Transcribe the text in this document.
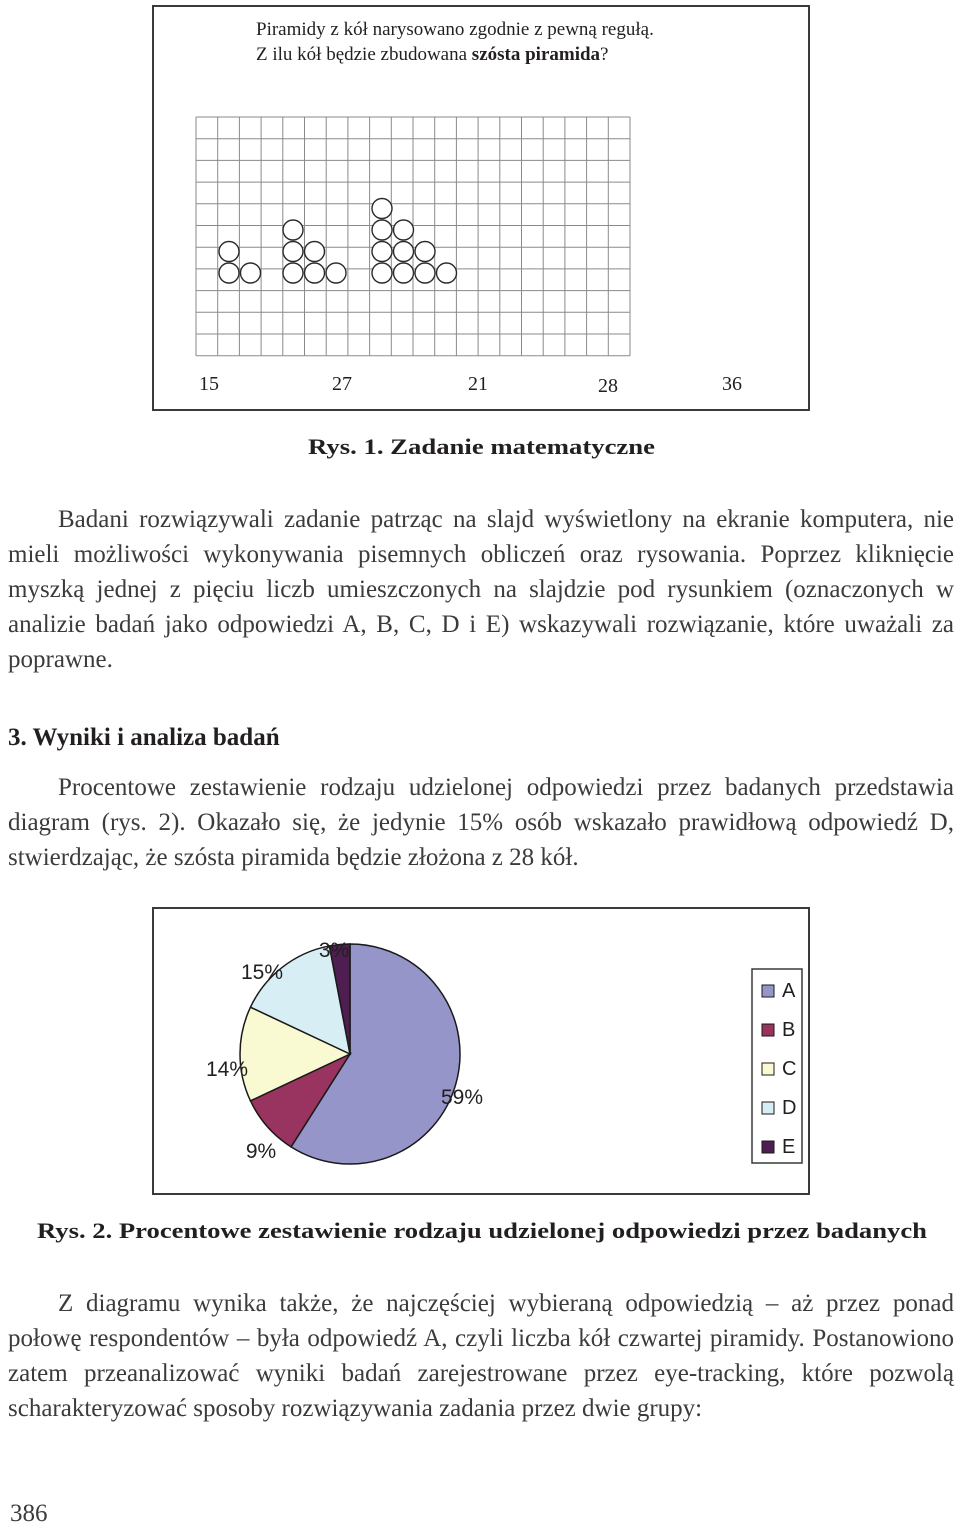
Piramidy z kół narysowano zgodnie z pewną regułą.
Z ilu kół będzie zbudowana szósta piramida?
15	27	21	28	36
Rys. 1. Zadanie matematyczne

Badani rozwiązywali zadanie patrząc na slajd wyświetlony na ekranie komputera, nie mieli możliwości wykonywania pisemnych obliczeń oraz rysowania. Poprzez kliknięcie myszką jednej z pięciu liczb umieszczonych na slajdzie pod rysunkiem (oznaczonych w analizie badań jako odpowiedzi A, B, C, D i E) wskazywali rozwiązanie, które uważali za poprawne.

3. Wyniki i analiza badań

Procentowe zestawienie rodzaju udzielonej odpowiedzi przez badanych przedstawia diagram (rys. 2). Okazało się, że jedynie 15% osób wskazało prawidłową odpowiedź D, stwierdzając, że szósta piramida będzie złożona z 28 kół.

59%
9%
14%
15%
3%
A
B
C
D
E
Rys. 2. Procentowe zestawienie rodzaju udzielonej odpowiedzi przez badanych

Z diagramu wynika także, że najczęściej wybieraną odpowiedzią – aż przez ponad połowę respondentów – była odpowiedź A, czyli liczba kół czwartej piramidy. Postanowiono zatem przeanalizować wyniki badań zarejestrowane przez eye-tracking, które pozwolą scharakteryzować sposoby rozwiązywania zadania przez dwie grupy:

386
